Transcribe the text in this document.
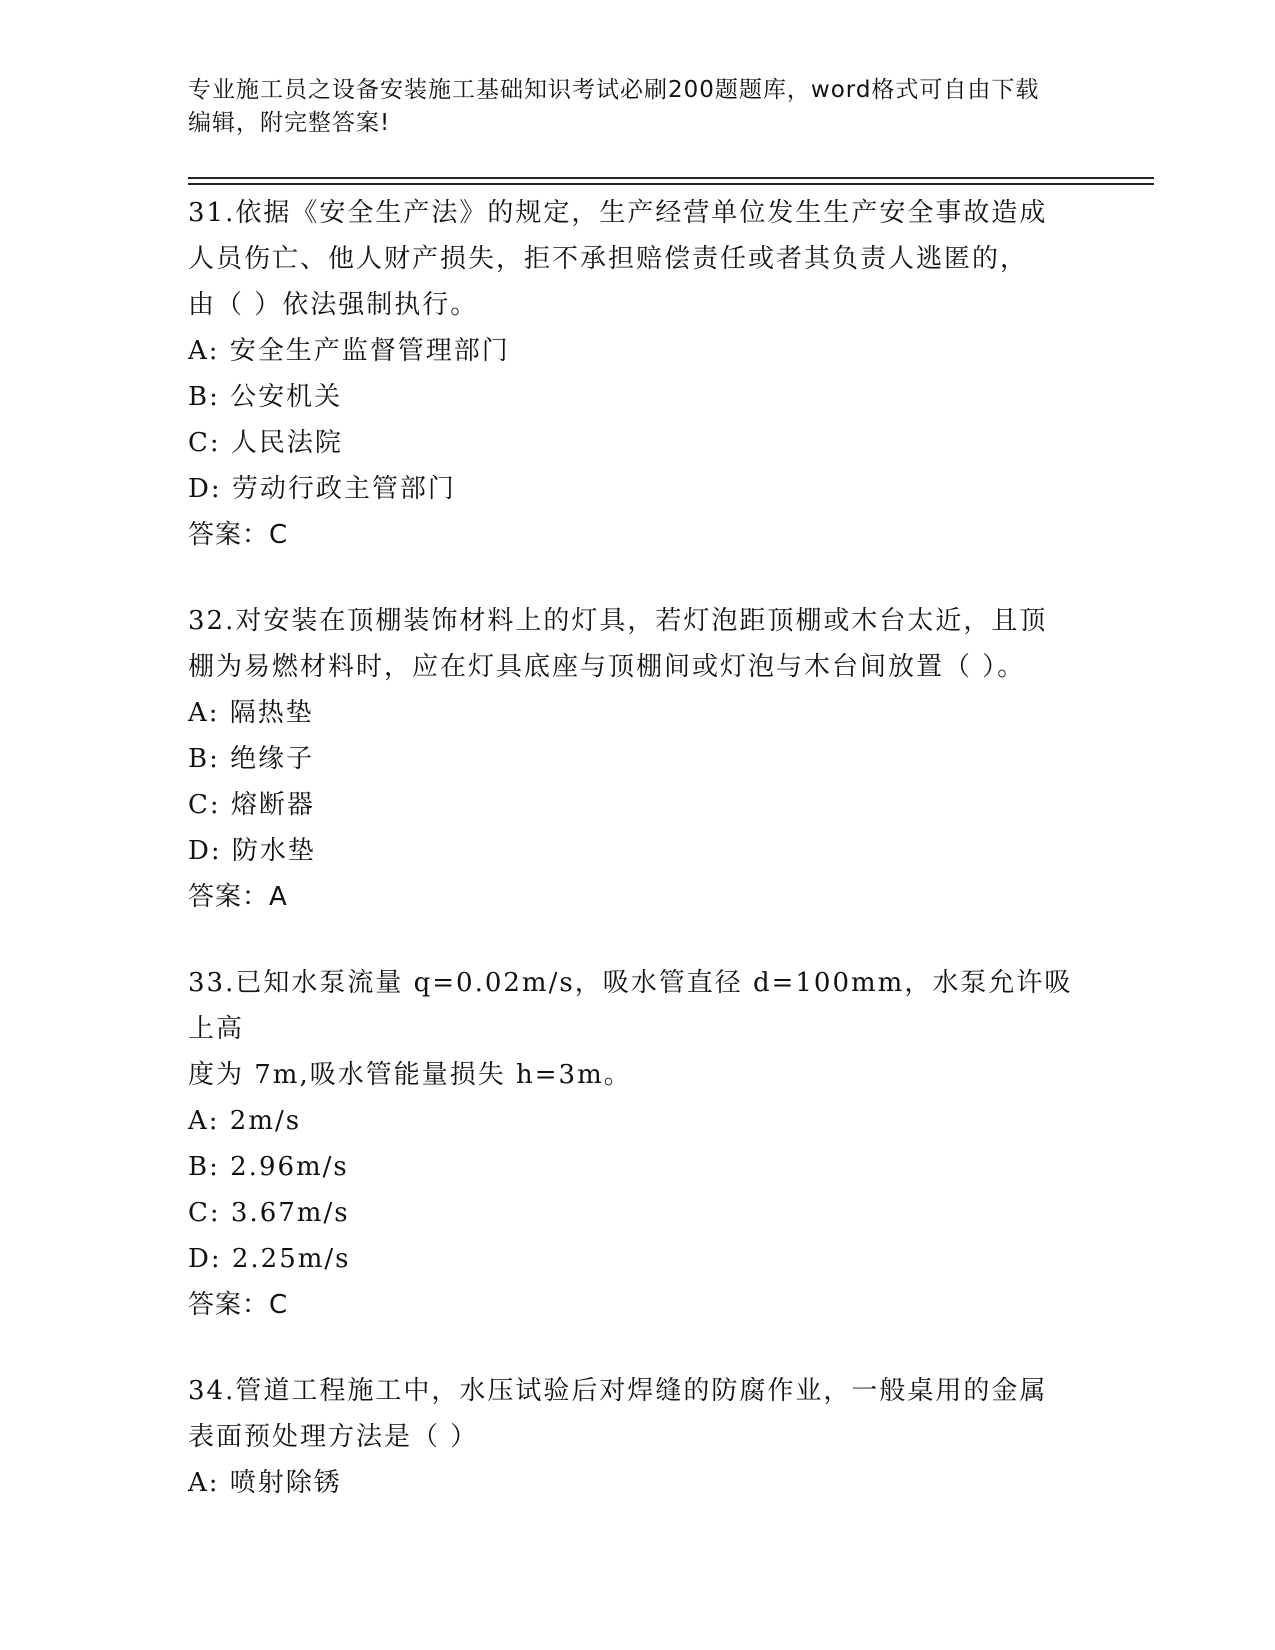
专业施工员之设备安装施工基础知识考试必刷200题题库，word格式可自由下载
编辑，附完整答案!
31.依据《安全生产法》的规定，生产经营单位发生生产安全事故造成
人员伤亡、他人财产损失，拒不承担赔偿责任或者其负责人逃匿的，
由（ ）依法强制执行。
A: 安全生产监督管理部门
B: 公安机关
C: 人民法院
D: 劳动行政主管部门
答案：C
32.对安装在顶棚装饰材料上的灯具，若灯泡距顶棚或木台太近，且顶
棚为易燃材料时，应在灯具底座与顶棚间或灯泡与木台间放置（ ）。
A: 隔热垫
B: 绝缘子
C: 熔断器
D: 防水垫
答案：A
33.已知水泵流量 q=0.02m/s，吸水管直径 d=100mm，水泵允许吸上高
度为 7m,吸水管能量损失 h=3m。
A: 2m/s
B: 2.96m/s
C: 3.67m/s
D: 2.25m/s
答案：C
34.管道工程施工中，水压试验后对焊缝的防腐作业，一般桌用的金属
表面预处理方法是（ ）
A: 喷射除锈
